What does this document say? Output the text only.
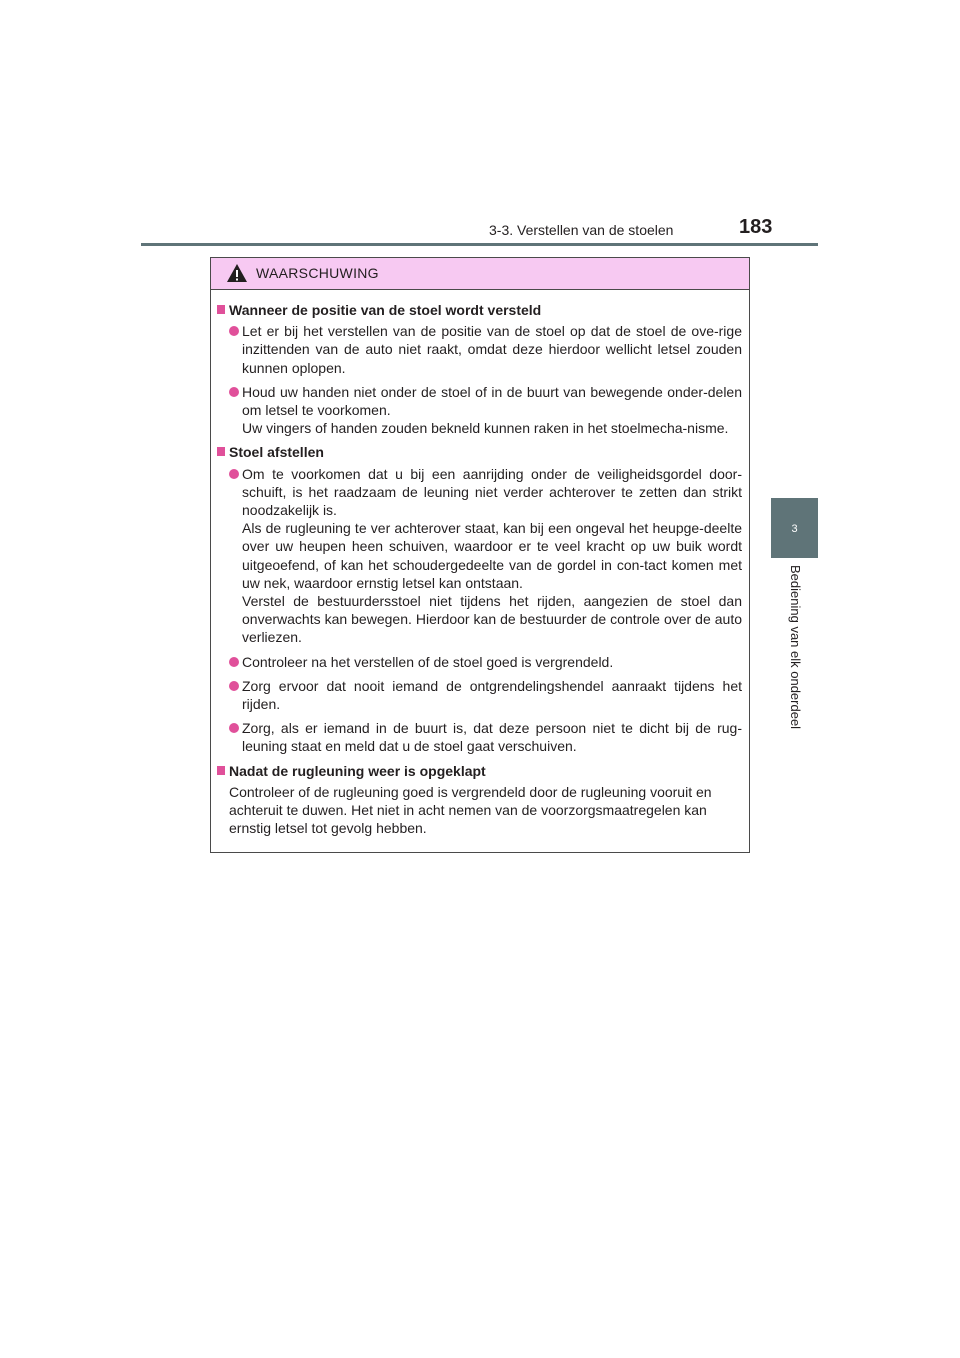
3-3. Verstellen van de stoelen	183
3
Bediening van elk onderdeel
WAARSCHUWING
Wanneer de positie van de stoel wordt versteld

Let er bij het verstellen van de positie van de stoel op dat de stoel de ove-rige inzittenden van de auto niet raakt, omdat deze hierdoor wellicht letsel zouden kunnen oplopen.

Houd uw handen niet onder de stoel of in de buurt van bewegende onder-delen om letsel te voorkomen.

Uw vingers of handen zouden bekneld kunnen raken in het stoelmecha-nisme.

Stoel afstellen

Om te voorkomen dat u bij een aanrijding onder de veiligheidsgordel door-schuift, is het raadzaam de leuning niet verder achterover te zetten dan strikt noodzakelijk is.

Als de rugleuning te ver achterover staat, kan bij een ongeval het heupge-deelte over uw heupen heen schuiven, waardoor er te veel kracht op uw buik wordt uitgeoefend, of kan het schoudergedeelte van de gordel in con-tact komen met uw nek, waardoor ernstig letsel kan ontstaan.

Verstel de bestuurdersstoel niet tijdens het rijden, aangezien de stoel dan onverwachts kan bewegen. Hierdoor kan de bestuurder de controle over de auto verliezen.

Controleer na het verstellen of de stoel goed is vergrendeld.

Zorg ervoor dat nooit iemand de ontgrendelingshendel aanraakt tijdens het rijden.

Zorg, als er iemand in de buurt is, dat deze persoon niet te dicht bij de rug-leuning staat en meld dat u de stoel gaat verschuiven.

Nadat de rugleuning weer is opgeklapt

Controleer of de rugleuning goed is vergrendeld door de rugleuning vooruit en achteruit te duwen. Het niet in acht nemen van de voorzorgsmaatregelen kan ernstig letsel tot gevolg hebben.
